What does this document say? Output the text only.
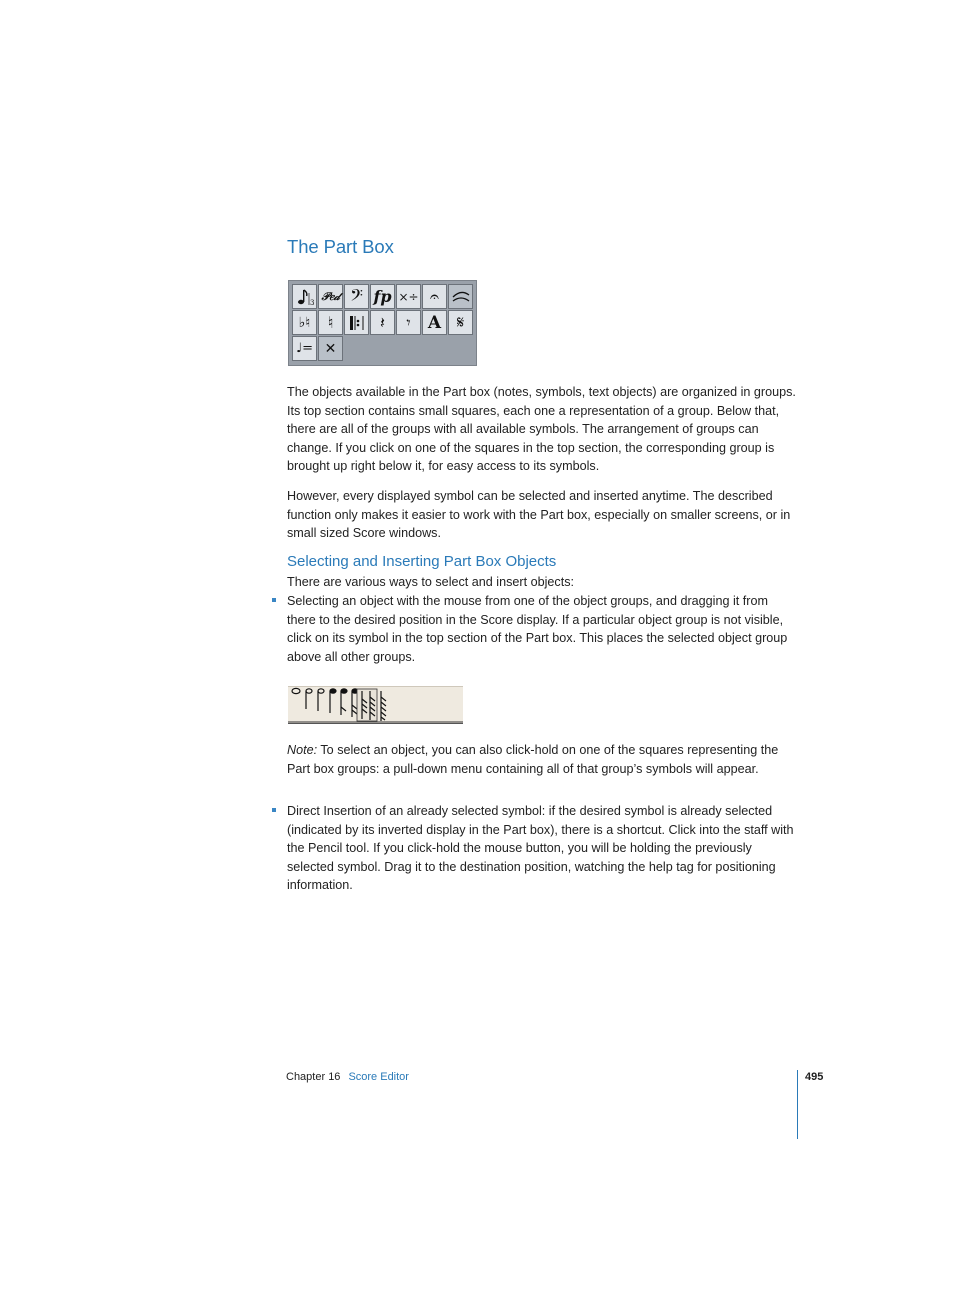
The Part Box
3 𝒫𝑒𝒹 𝄢 fp ×÷ 𝄐
♭♮ ♮	𝄽 𝄾 A 𝄋
♩= ✕

The objects available in the Part box (notes, symbols, text objects) are organized in groups. Its top section contains small squares, each one a representation of a group. Below that, there are all of the groups with all available symbols. The arrangement of groups can change. If you click on one of the squares in the top section, the corresponding group is brought up right below it, for easy access to its symbols.

However, every displayed symbol can be selected and inserted anytime. The described function only makes it easier to work with the Part box, especially on smaller screens, or in small sized Score windows.

Selecting and Inserting Part Box Objects

There are various ways to select and insert objects:

Selecting an object with the mouse from one of the object groups, and dragging it from there to the desired position in the Score display. If a particular object group is not visible, click on its symbol in the top section of the Part box. This places the selected object group above all other groups.

Note: To select an object, you can also click-hold on one of the squares representing the Part box groups: a pull-down menu containing all of that group’s symbols will appear.

Direct Insertion of an already selected symbol: if the desired symbol is already selected (indicated by its inverted display in the Part box), there is a shortcut. Click into the staff with the Pencil tool. If you click-hold the mouse button, you will be holding the previously selected symbol. Drag it to the destination position, watching the help tag for positioning information.

Chapter 16 Score Editor	495
